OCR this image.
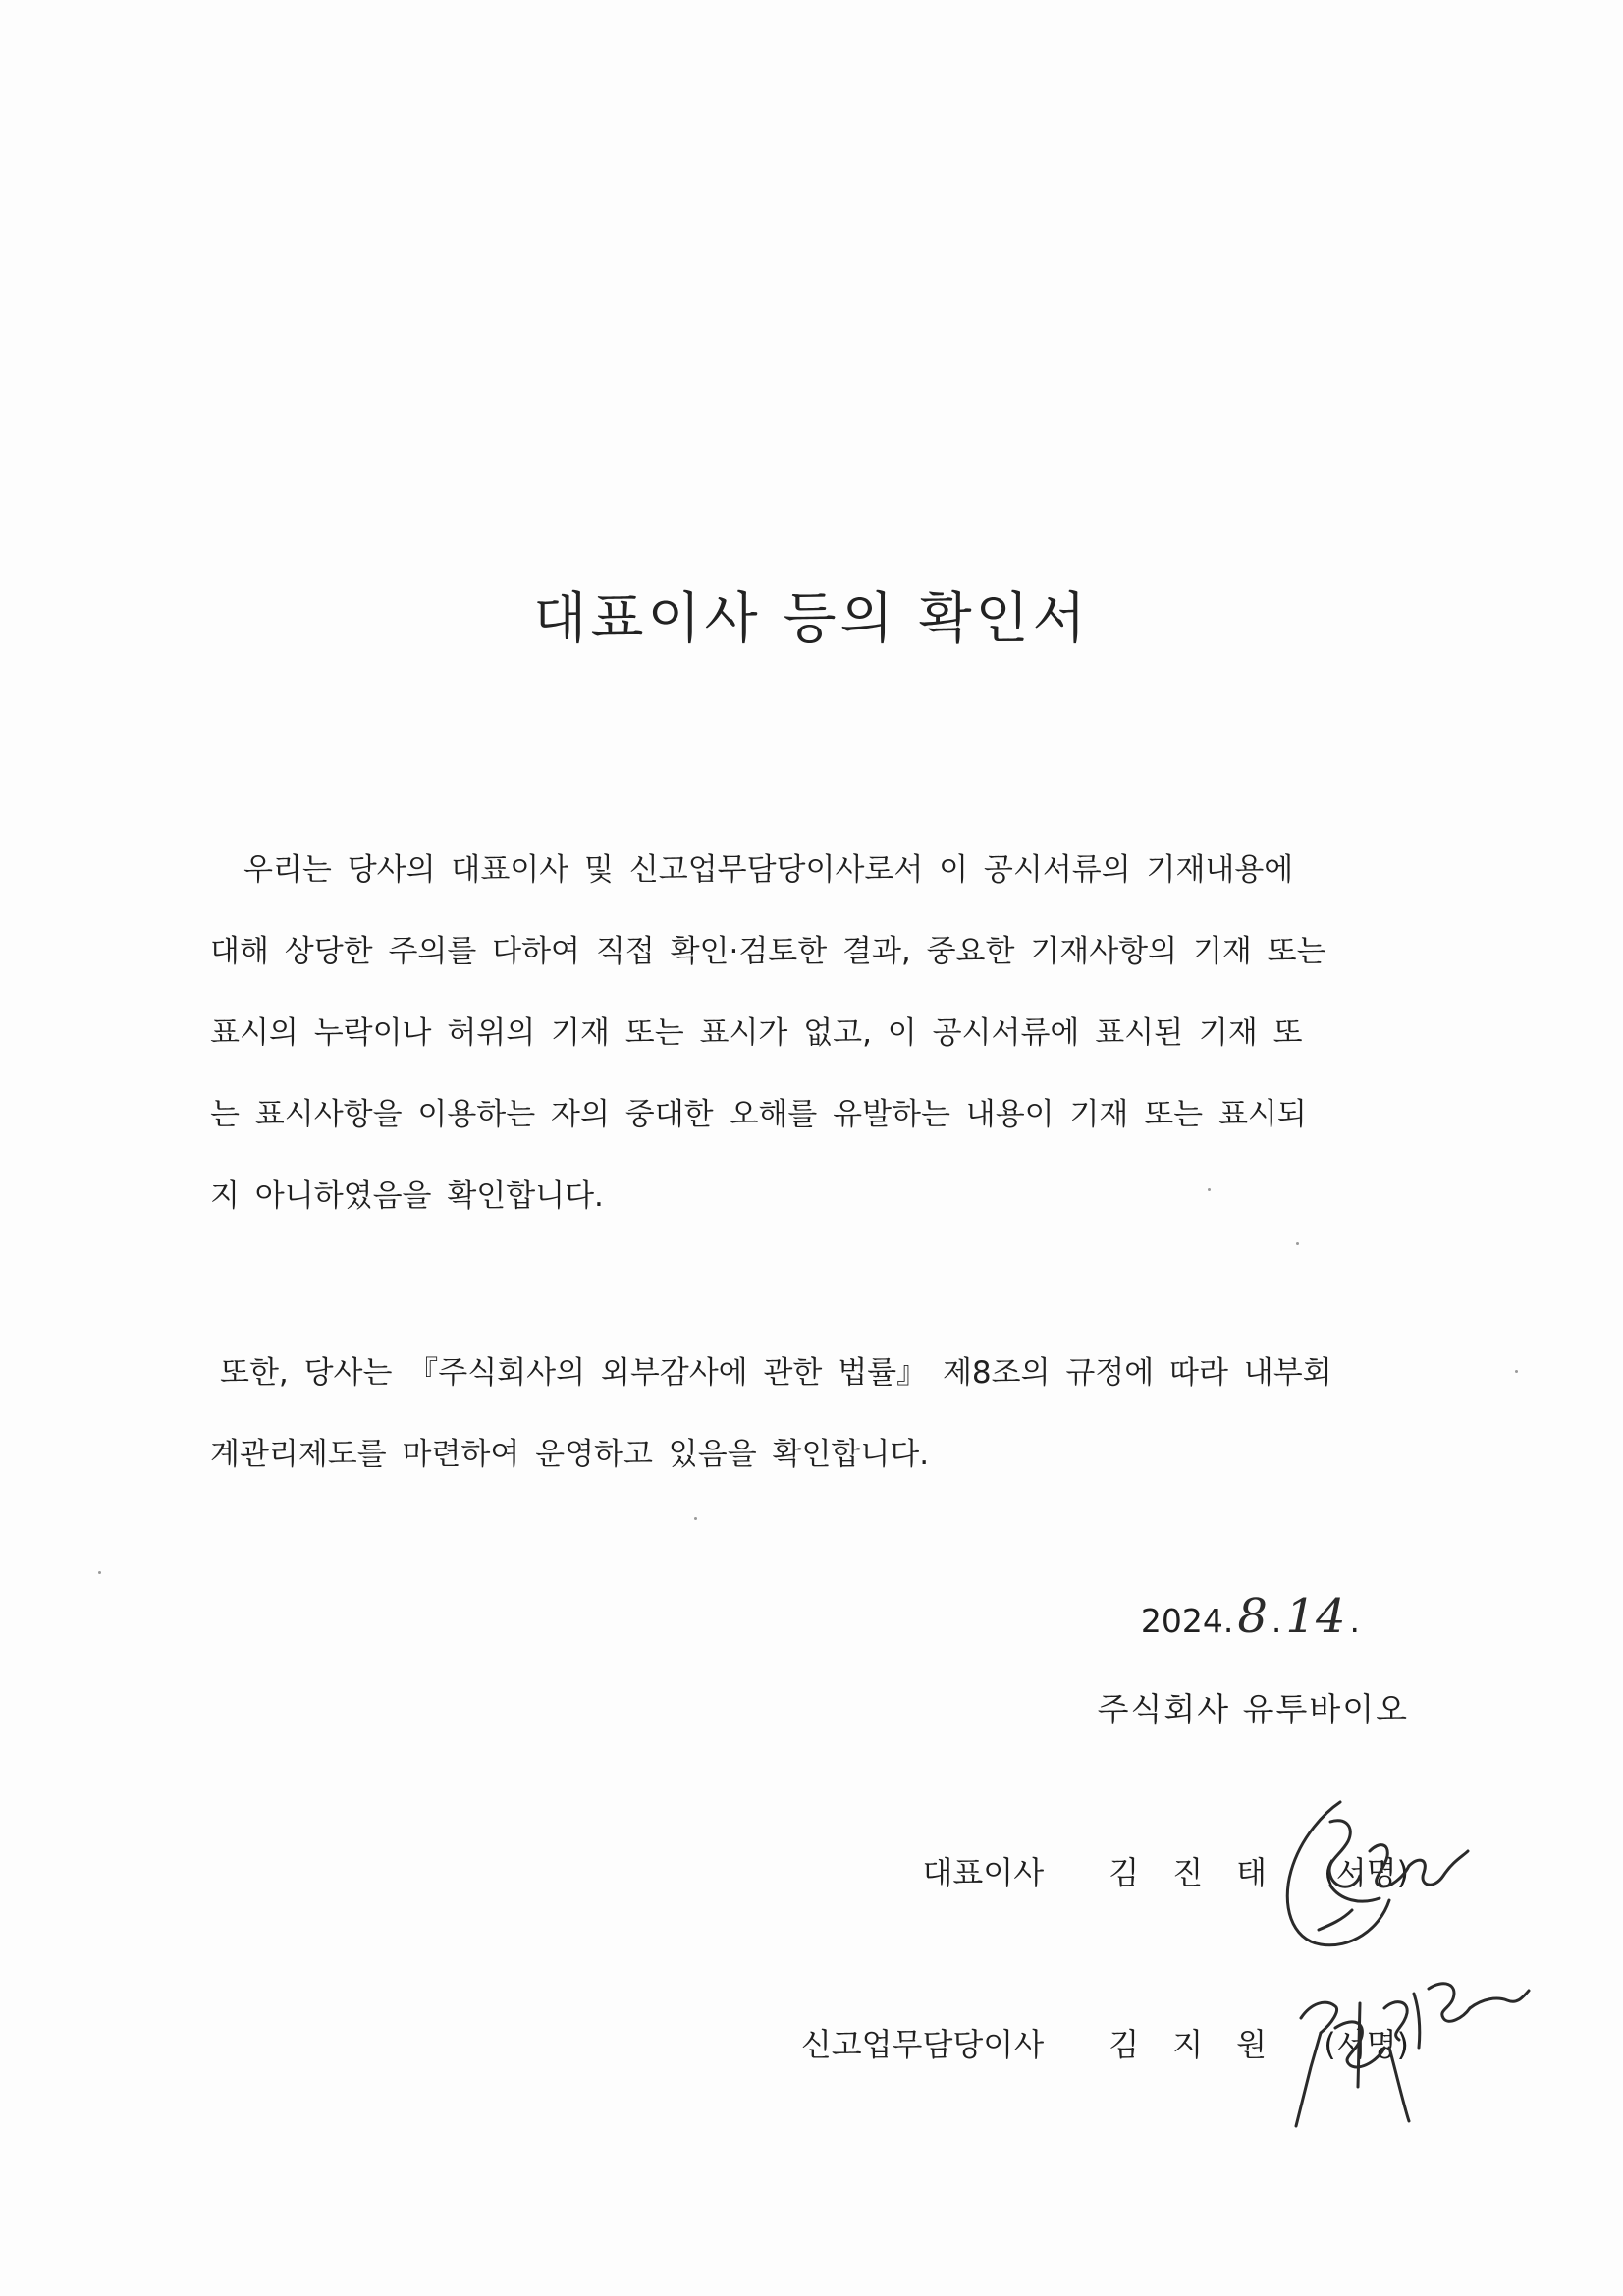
대표이사 등의 확인서

우리는 당사의 대표이사 및 신고업무담당이사로서 이 공시서류의 기재내용에
대해 상당한 주의를 다하여 직접 확인·검토한 결과, 중요한 기재사항의 기재 또는
표시의 누락이나 허위의 기재 또는 표시가 없고, 이 공시서류에 표시된 기재 또
는 표시사항을 이용하는 자의 중대한 오해를 유발하는 내용이 기재 또는 표시되
지 아니하였음을 확인합니다.

또한, 당사는 『주식회사의 외부감사에 관한 법률』 제8조의 규정에 따라 내부회
계관리제도를 마련하여 운영하고 있음을 확인합니다.

2024. 8 . 14 .
주식회사 유투바이오
대표이사 김진태 (서명)
신고업무담당이사 김지원 (서명)
